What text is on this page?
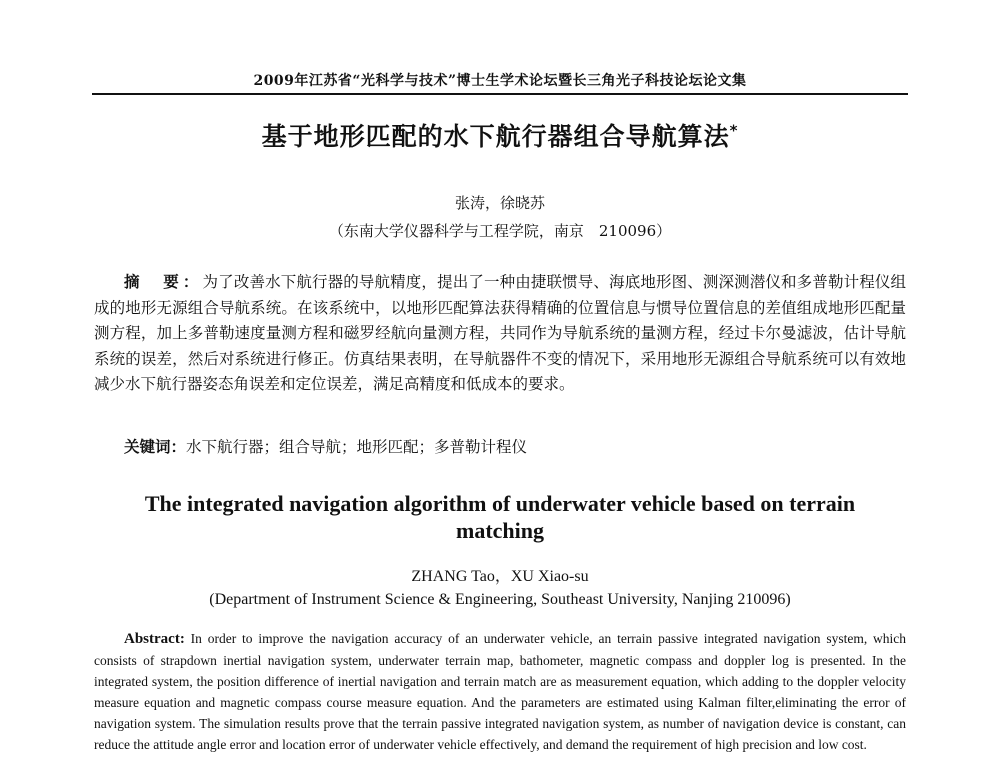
2009年江苏省“光科学与技术”博士生学术论坛暨长三角光子科技论坛论文集
基于地形匹配的水下航行器组合导航算法*
张涛，徐晓苏
（东南大学仪器科学与工程学院，南京　210096）
摘　要：为了改善水下航行器的导航精度，提出了一种由捷联惯导、海底地形图、测深测潜仪和多普勒计程仪组成的地形无源组合导航系统。在该系统中，以地形匹配算法获得精确的位置信息与惯导位置信息的差值组成地形匹配量测方程，加上多普勒速度量测方程和磁罗经航向量测方程，共同作为导航系统的量测方程，经过卡尔曼滤波，估计导航系统的误差，然后对系统进行修正。仿真结果表明，在导航器件不变的情况下，采用地形无源组合导航系统可以有效地减少水下航行器姿态角误差和定位误差，满足高精度和低成本的要求。
关键词：水下航行器；组合导航；地形匹配；多普勒计程仪
The integrated navigation algorithm of underwater vehicle based on terrain matching
ZHANG Tao，XU Xiao-su
(Department of Instrument Science & Engineering, Southeast University, Nanjing 210096)
Abstract: In order to improve the navigation accuracy of an underwater vehicle, an terrain passive integrated navigation system, which consists of strapdown inertial navigation system, underwater terrain map, bathometer, magnetic compass and doppler log is presented. In the integrated system, the position difference of inertial navigation and terrain match are as measurement equation, which adding to the doppler velocity measure equation and magnetic compass course measure equation. And the parameters are estimated using Kalman filter,eliminating the error of navigation system. The simulation results prove that the terrain passive integrated navigation system, as number of navigation device is constant, can reduce the attitude angle error and location error of underwater vehicle effectively, and demand the requirement of high precision and low cost.
